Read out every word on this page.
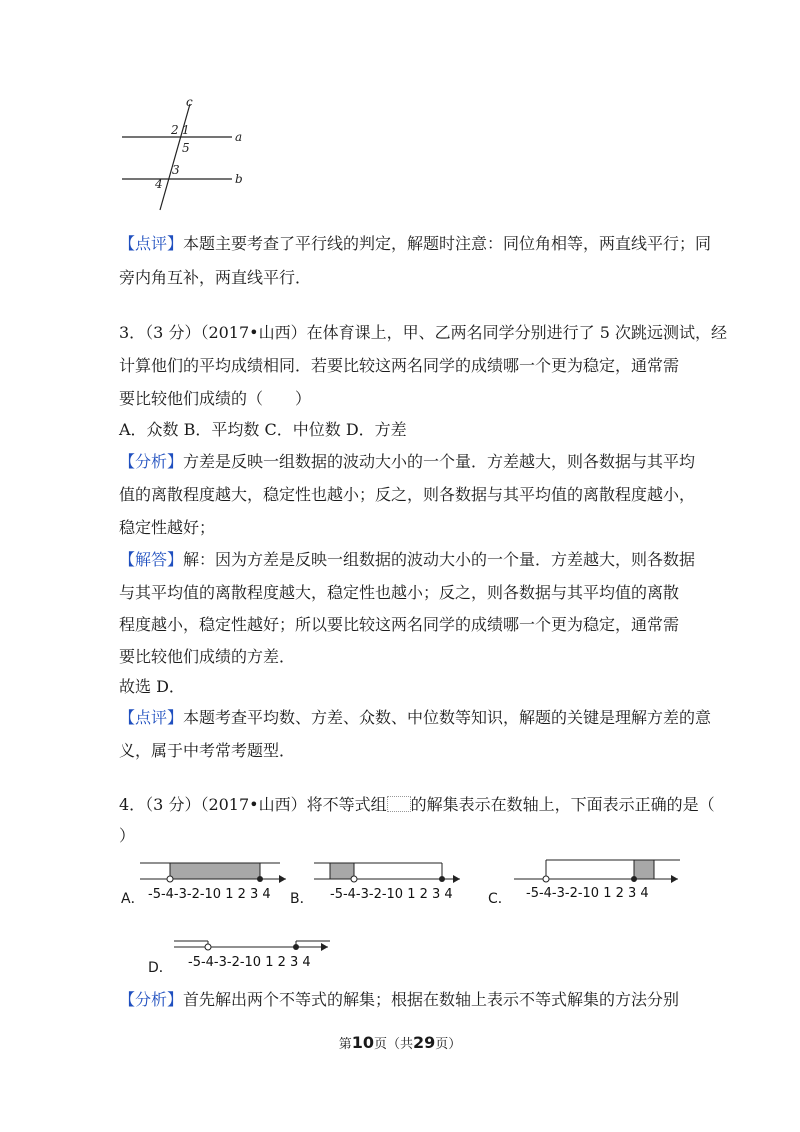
c
a
b
2 1
5
3
4
【点评】本题主要考查了平行线的判定，解题时注意：同位角相等，两直线平行；同
旁内角互补，两直线平行．
3．（3 分）（2017•山西）在体育课上，甲、乙两名同学分别进行了 5 次跳远测试，经
计算他们的平均成绩相同．若要比较这两名同学的成绩哪一个更为稳定，通常需
要比较他们成绩的（　　）
A．众数 B．平均数 C．中位数 D．方差
【分析】方差是反映一组数据的波动大小的一个量．方差越大，则各数据与其平均
值的离散程度越大，稳定性也越小；反之，则各数据与其平均值的离散程度越小，
稳定性越好；
【解答】解：因为方差是反映一组数据的波动大小的一个量．方差越大，则各数据
与其平均值的离散程度越大，稳定性也越小；反之，则各数据与其平均值的离散
程度越小，稳定性越好；所以要比较这两名同学的成绩哪一个更为稳定，通常需
要比较他们成绩的方差．
故选 D．
【点评】本题考查平均数、方差、众数、中位数等知识，解题的关键是理解方差的意
义，属于中考常考题型．
4．（3 分）（2017•山西）将不等式组 的解集表示在数轴上，下面表示正确的是（
）
A． -5-4-3-2-10 1 2 3 4 B． -5-4-3-2-10 1 2 3 4	C． -5-4-3-2-10 1 2 3 4
D． -5-4-3-2-10 1 2 3 4
【分析】首先解出两个不等式的解集；根据在数轴上表示不等式解集的方法分别
第10页（共29页）
